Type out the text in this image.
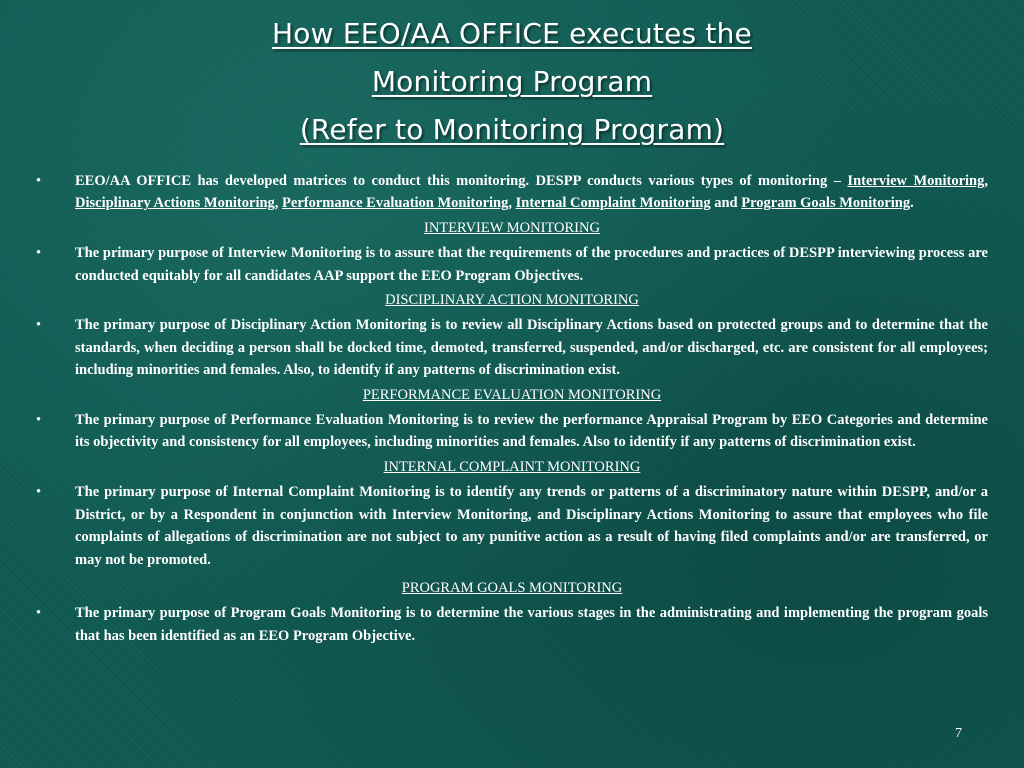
How EEO/AA OFFICE executes the
Monitoring Program
(Refer to Monitoring Program)
• EEO/AA OFFICE has developed matrices to conduct this monitoring. DESPP conducts various types of monitoring – Interview Monitoring, Disciplinary Actions Monitoring, Performance Evaluation Monitoring, Internal Complaint Monitoring and Program Goals Monitoring.
INTERVIEW MONITORING
• The primary purpose of Interview Monitoring is to assure that the requirements of the procedures and practices of DESPP interviewing process are conducted equitably for all candidates AAP support the EEO Program Objectives.
DISCIPLINARY ACTION MONITORING
• The primary purpose of Disciplinary Action Monitoring is to review all Disciplinary Actions based on protected groups and to determine that the standards, when deciding a person shall be docked time, demoted, transferred, suspended, and/or discharged, etc. are consistent for all employees; including minorities and females. Also, to identify if any patterns of discrimination exist.
PERFORMANCE EVALUATION MONITORING
• The primary purpose of Performance Evaluation Monitoring is to review the performance Appraisal Program by EEO Categories and determine its objectivity and consistency for all employees, including minorities and females. Also to identify if any patterns of discrimination exist.
INTERNAL COMPLAINT MONITORING
• The primary purpose of Internal Complaint Monitoring is to identify any trends or patterns of a discriminatory nature within DESPP, and/or a District, or by a Respondent in conjunction with Interview Monitoring, and Disciplinary Actions Monitoring to assure that employees who file complaints of allegations of discrimination are not subject to any punitive action as a result of having filed complaints and/or are transferred, or may not be promoted.
PROGRAM GOALS MONITORING
• The primary purpose of Program Goals Monitoring is to determine the various stages in the administrating and implementing the program goals that has been identified as an EEO Program Objective.
7
